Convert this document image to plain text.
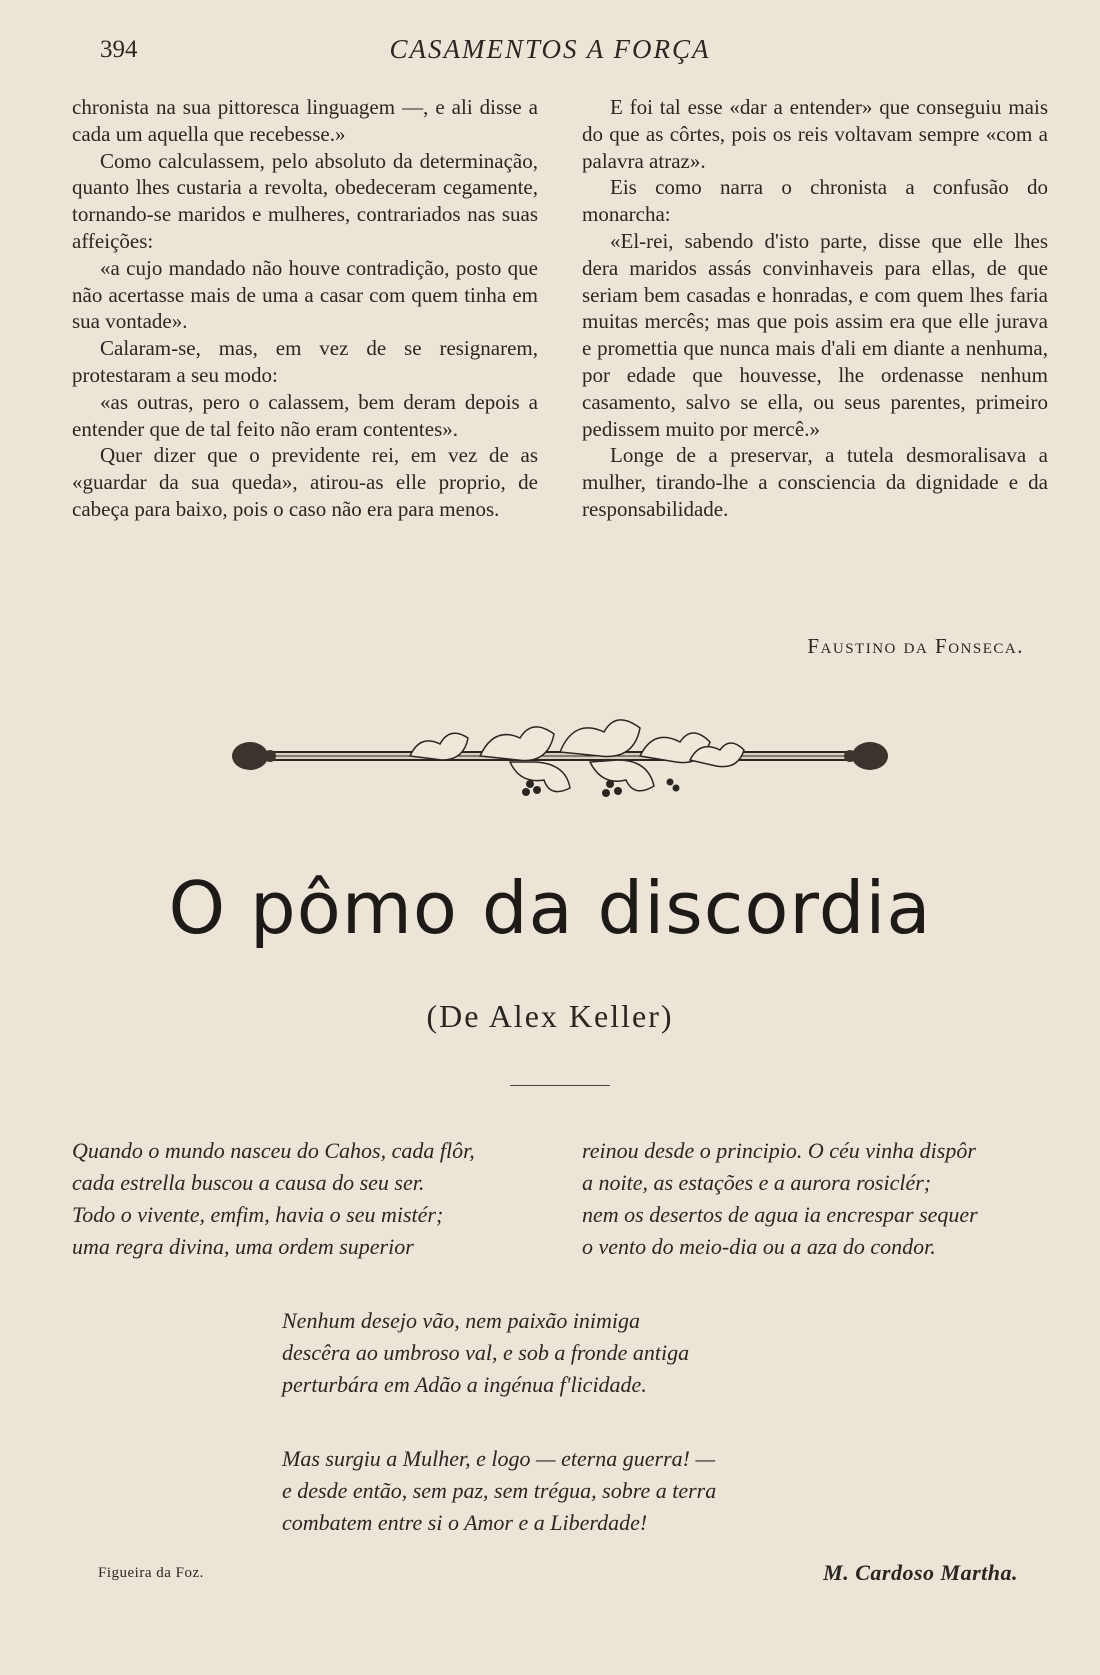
394	CASAMENTOS A FORÇA

chronista na sua pittoresca linguagem —, e ali disse a cada um aquella que recebesse.»

Como calculassem, pelo absoluto da determinação, quanto lhes custaria a revolta, obedeceram cegamente, tornando-se maridos e mulheres, contrariados nas suas affeições:

«a cujo mandado não houve contradição, posto que não acertasse mais de uma a casar com quem tinha em sua vontade».

Calaram-se, mas, em vez de se resignarem, protestaram a seu modo:

«as outras, pero o calassem, bem deram depois a entender que de tal feito não eram contentes».

Quer dizer que o previdente rei, em vez de as «guardar da sua queda», atirou-as elle proprio, de cabeça para baixo, pois o caso não era para menos.

E foi tal esse «dar a entender» que conseguiu mais do que as côrtes, pois os reis voltavam sempre «com a palavra atraz».

Eis como narra o chronista a confusão do monarcha:

«El-rei, sabendo d'isto parte, disse que elle lhes dera maridos assás convinhaveis para ellas, de que seriam bem casadas e honradas, e com quem lhes faria muitas mercês; mas que pois assim era que elle jurava e promettia que nunca mais d'ali em diante a nenhuma, por edade que houvesse, lhe ordenasse nenhum casamento, salvo se ella, ou seus parentes, primeiro pedissem muito por mercê.»

Longe de a preservar, a tutela desmoralisava a mulher, tirando-lhe a consciencia da dignidade e da responsabilidade.

Faustino da Fonseca.
O pômo da discordia
(De Alex Keller)
Quando o mundo nasceu do Cahos, cada flôr,
cada estrella buscou a causa do seu ser.
Todo o vivente, emfim, havia o seu mistér;
uma regra divina, uma ordem superior
reinou desde o principio. O céu vinha dispôr
a noite, as estações e a aurora rosiclér;
nem os desertos de agua ia encrespar sequer
o vento do meio-dia ou a aza do condor.
Nenhum desejo vão, nem paixão inimiga
descêra ao umbroso val, e sob a fronde antiga
perturbára em Adão a ingénua f'licidade.
Mas surgiu a Mulher, e logo — eterna guerra! —
e desde então, sem paz, sem trégua, sobre a terra
combatem entre si o Amor e a Liberdade!
Figueira da Foz.	M. Cardoso Martha.
